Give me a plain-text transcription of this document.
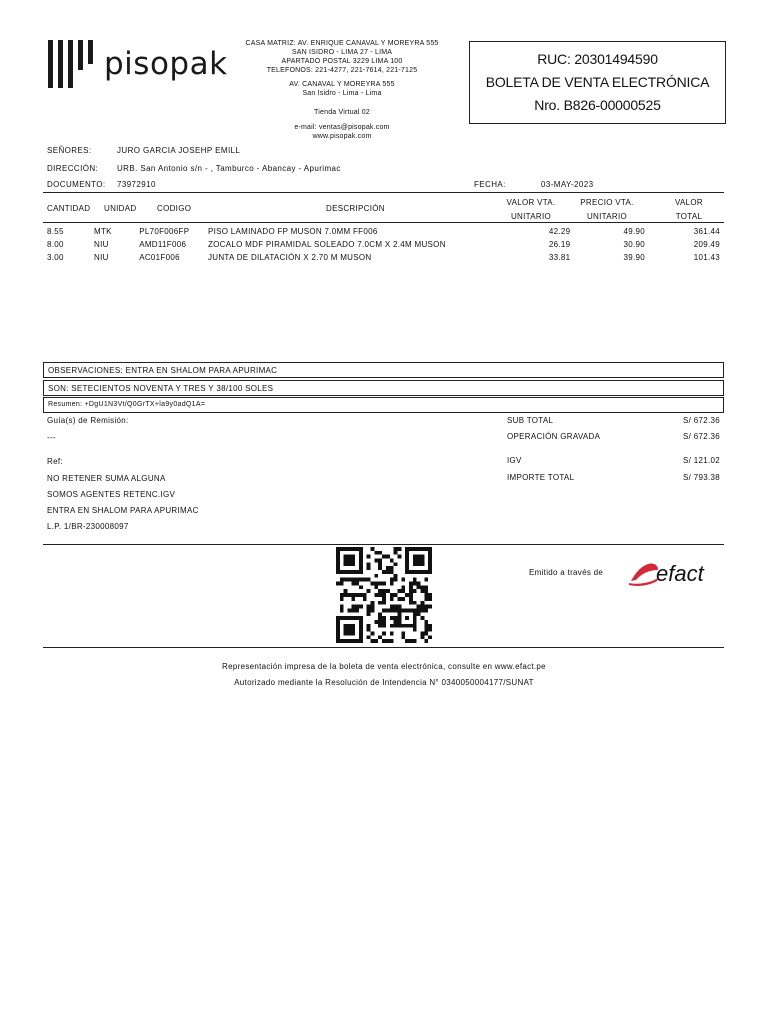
pisopak
CASA MATRIZ: AV. ENRIQUE CANAVAL Y MOREYRA 555
SAN ISIDRO - LIMA 27 - LIMA
APARTADO POSTAL 3229 LIMA 100
TELEFONOS: 221-4277, 221-7614, 221-7125
AV. CANAVAL Y MOREYRA 555
San Isidro - Lima - Lima
Tienda Virtual 02
e-mail: ventas@pisopak.com
www.pisopak.com
RUC: 20301494590
BOLETA DE VENTA ELECTRÓNICA
Nro. B826-00000525
SEÑORES:	JURO GARCIA JOSEHP EMILL
DIRECCIÓN: URB. San Antonio s/n - , Tamburco - Abancay - Apurimac
DOCUMENTO: 73972910	FECHA:	03-MAY-2023
CANTIDAD UNIDAD	CODIGO	DESCRIPCIÓN
VALOR VTA.
UNITARIO
PRECIO VTA.
UNITARIO
VALOR
TOTAL
8.55	MTK	PL70F006FP	PISO LAMINADO FP MUSON 7.0MM FF006	42.29	49.90	361.44
8.00	NIU	AMD11F006	ZOCALO MDF PIRAMIDAL SOLEADO 7.0CM X 2.4M MUSON	26.19	30.90	209.49
3.00	NIU	AC01F006	JUNTA DE DILATACIÓN X 2.70 M MUSON	33.81	39.90	101.43
OBSERVACIONES: ENTRA EN SHALOM PARA APURIMAC
SON: SETECIENTOS NOVENTA Y TRES Y 38/100 SOLES
Resumen: +DgU1N3Vt/Q0GrTX+la9y0adQ1A=
Guía(s) de Remisión:
---
Ref:
NO RETENER SUMA ALGUNA
SOMOS AGENTES RETENC.IGV
ENTRA EN SHALOM PARA APURIMAC
L.P. 1/BR-230008097
SUB TOTAL	S/ 672.36
OPERACIÓN GRAVADA	S/ 672.36
IGV	S/ 121.02
IMPORTE TOTAL	S/ 793.38
Emitido a través de efact
Representación impresa de la boleta de venta electrónica, consulte en www.efact.pe
Autorizado mediante la Resolución de Intendencia N° 0340050004177/SUNAT
